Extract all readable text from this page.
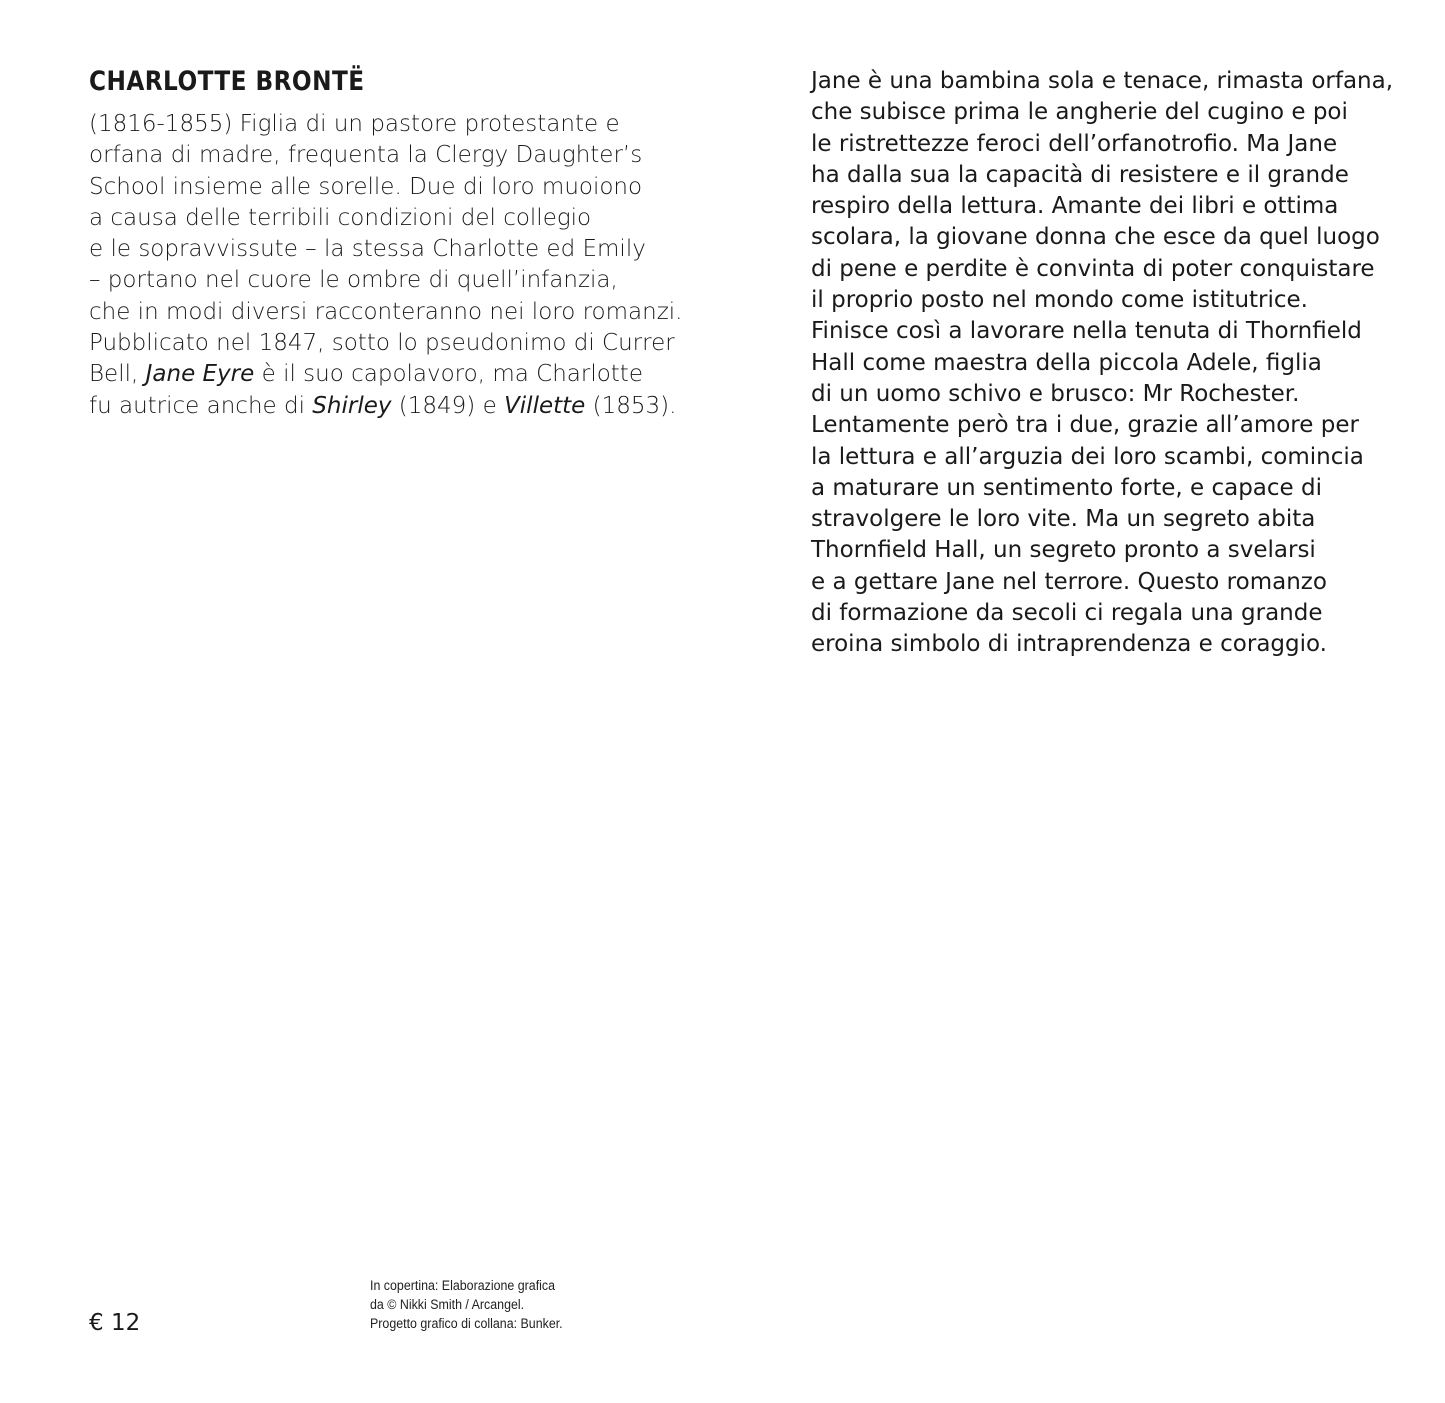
CHARLOTTE BRONTË
(1816-1855) Figlia di un pastore protestante e
orfana di madre, frequenta la Clergy Daughter’s
School insieme alle sorelle. Due di loro muoiono
a causa delle terribili condizioni del collegio
e le sopravvissute – la stessa Charlotte ed Emily
– portano nel cuore le ombre di quell’infanzia,
che in modi diversi racconteranno nei loro romanzi.
Pubblicato nel 1847, sotto lo pseudonimo di Currer
Bell, Jane Eyre è il suo capolavoro, ma Charlotte
fu autrice anche di Shirley (1849) e Villette (1853).
Jane è una bambina sola e tenace, rimasta orfana,
che subisce prima le angherie del cugino e poi
le ristrettezze feroci dell’orfanotrofio. Ma Jane
ha dalla sua la capacità di resistere e il grande
respiro della lettura. Amante dei libri e ottima
scolara, la giovane donna che esce da quel luogo
di pene e perdite è convinta di poter conquistare
il proprio posto nel mondo come istitutrice.
Finisce così a lavorare nella tenuta di Thornfield
Hall come maestra della piccola Adele, figlia
di un uomo schivo e brusco: Mr Rochester.
Lentamente però tra i due, grazie all’amore per
la lettura e all’arguzia dei loro scambi, comincia
a maturare un sentimento forte, e capace di
stravolgere le loro vite. Ma un segreto abita
Thornfield Hall, un segreto pronto a svelarsi
e a gettare Jane nel terrore. Questo romanzo
di formazione da secoli ci regala una grande
eroina simbolo di intraprendenza e coraggio.
€ 12
In copertina: Elaborazione grafica
da © Nikki Smith / Arcangel.
Progetto grafico di collana: Bunker.
